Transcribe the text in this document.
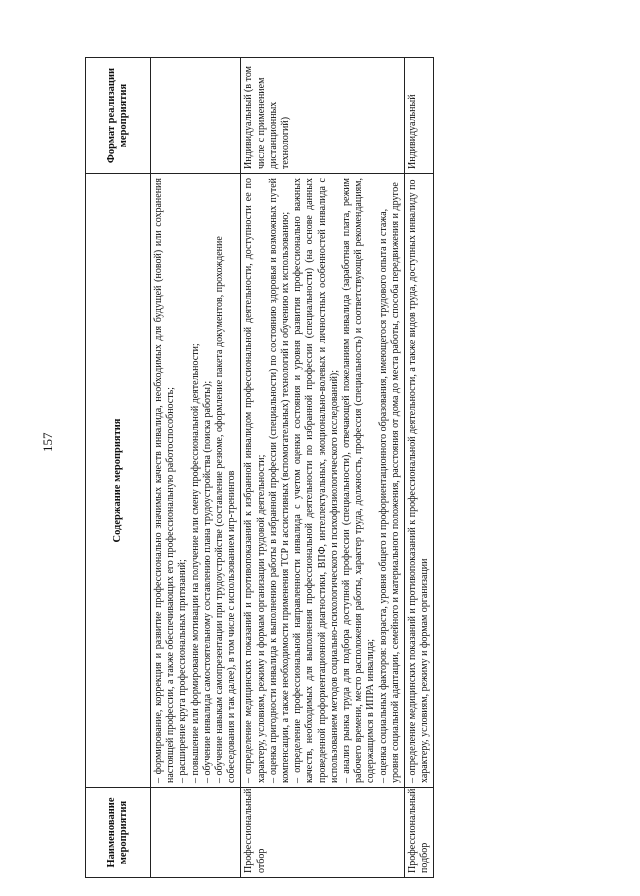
157
Наименование мероприятия	Содержание мероприятия	Формат реализации мероприятия

	– формирование, коррекция и развитие профессионально значимых качеств инвалида, необходимых для будущей (новой) или сохранения настоящей профессии, а также обеспечивающих его профессиональную работоспособность; – расширение круга профессиональных притязаний; – повышение или формирование мотивации на получение или смену профессиональной деятельности; – обучение инвалида самостоятельному составлению плана трудоустройства (поиска работы); – обучение навыкам самопрезентации при трудоустройстве (составление резюме, оформление пакета документов, прохождение собеседования и так далее), в том числе с использованием игр-тренингов	

Профессиональный отбор	– определение медицинских показаний и противопоказаний к избранной инвалидом профессиональной деятельности, доступности ее по характеру, условиям, режиму и формам организации трудовой деятельности; – оценка пригодности инвалида к выполнению работы в избранной профессии (специальности) по состоянию здоровья и возможных путей компенсации, а также необходимости применения ТСР и ассистивных (вспомогательных) технологий и обучению их использованию; – определение профессиональной направленности инвалида с учетом оценки состояния и уровня развития профессионально важных качеств, необходимых для выполнения профессиональной деятельности по избранной профессии (специальности) (на основе данных проведенной профориентационной диагностики, ВПФ, интеллектуальных, эмоционально-волевых и личностных особенностей инвалида с использованием методов социально-психологического и психофизиологического исследований); – анализ рынка труда для подбора доступной профессии (специальности), отвечающей пожеланиям инвалида (заработная плата, режим рабочего времени, место расположения работы, характер труда, должность, профессия (специальность) и соответствующей рекомендациям, содержащимся в ИПРА инвалида; – оценка социальных факторов: возраста, уровня общего и профориентационного образования, имеющегося трудового опыта и стажа, уровня социальной адаптации, семейного и материального положения, расстояния от дома до места работы, способа передвижения и другое	Индивидуальный (в том числе с применением дистанционных технологий)
Профессиональный подбор	– определение медицинских показаний и противопоказаний к профессиональной деятельности, а также видов труда, доступных инвалиду по характеру, условиям, режиму и формам организации	Индивидуальный
